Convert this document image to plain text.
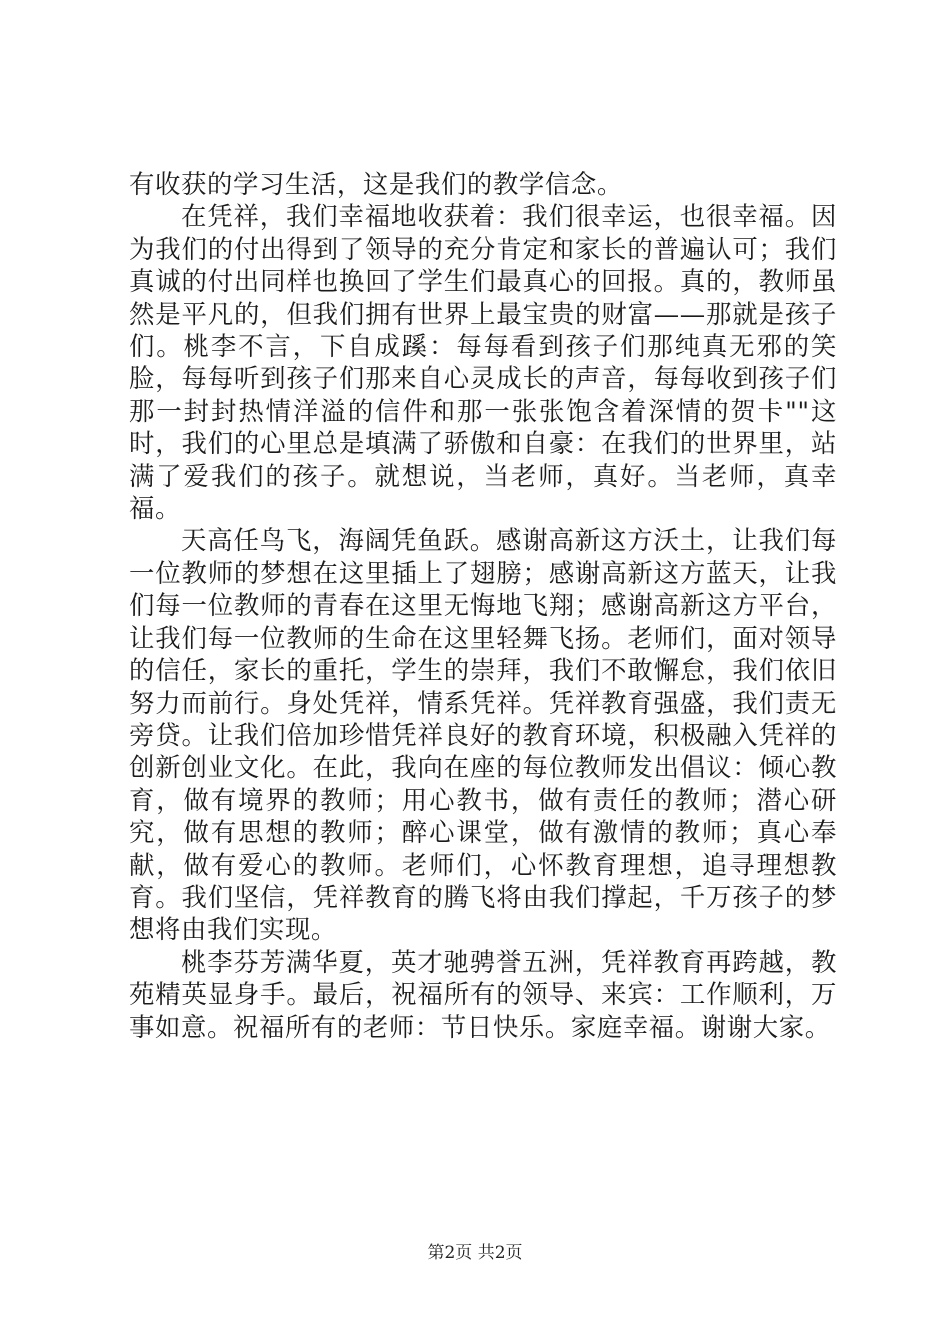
有收获的学习生活，这是我们的教学信念。

在凭祥，我们幸福地收获着：我们很幸运，也很幸福。因为我们的付出得到了领导的充分肯定和家长的普遍认可；我们真诚的付出同样也换回了学生们最真心的回报。真的，教师虽然是平凡的，但我们拥有世界上最宝贵的财富——那就是孩子们。桃李不言，下自成蹊：每每看到孩子们那纯真无邪的笑脸，每每听到孩子们那来自心灵成长的声音，每每收到孩子们那一封封热情洋溢的信件和那一张张饱含着深情的贺卡""这时，我们的心里总是填满了骄傲和自豪：在我们的世界里，站满了爱我们的孩子。就想说，当老师，真好。当老师，真幸福。

天高任鸟飞，海阔凭鱼跃。感谢高新这方沃土，让我们每一位教师的梦想在这里插上了翅膀；感谢高新这方蓝天，让我们每一位教师的青春在这里无悔地飞翔；感谢高新这方平台，让我们每一位教师的生命在这里轻舞飞扬。老师们，面对领导的信任，家长的重托，学生的崇拜，我们不敢懈怠，我们依旧努力而前行。身处凭祥，情系凭祥。凭祥教育强盛，我们责无旁贷。让我们倍加珍惜凭祥良好的教育环境，积极融入凭祥的创新创业文化。在此，我向在座的每位教师发出倡议：倾心教育，做有境界的教师；用心教书，做有责任的教师；潜心研究，做有思想的教师；醉心课堂，做有激情的教师；真心奉献，做有爱心的教师。老师们，心怀教育理想，追寻理想教育。我们坚信，凭祥教育的腾飞将由我们撑起，千万孩子的梦想将由我们实现。

桃李芬芳满华夏，英才驰骋誉五洲，凭祥教育再跨越，教苑精英显身手。最后，祝福所有的领导、来宾：工作顺利，万事如意。祝福所有的老师：节日快乐。家庭幸福。谢谢大家。

第2页 共2页
